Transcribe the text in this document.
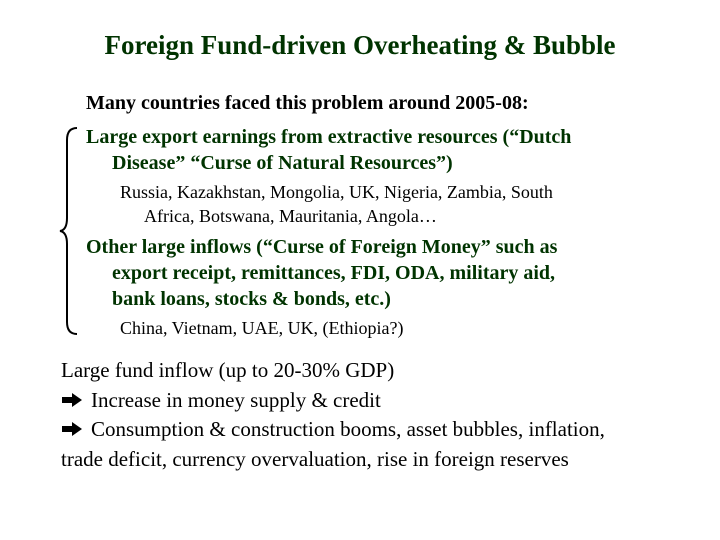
Foreign Fund-driven Overheating & Bubble
Many countries faced this problem around 2005-08:
Large export earnings from extractive resources (“Dutch
Disease” “Curse of Natural Resources”)
Russia, Kazakhstan, Mongolia, UK, Nigeria, Zambia, South
Africa, Botswana, Mauritania, Angola…
Other large inflows (“Curse of Foreign Money” such as
export receipt, remittances, FDI, ODA, military aid,
bank loans, stocks & bonds, etc.)
China, Vietnam, UAE, UK, (Ethiopia?)
Large fund inflow (up to 20-30% GDP)
Increase in money supply & credit
Consumption & construction booms, asset bubbles, inflation,
trade deficit, currency overvaluation, rise in foreign reserves
